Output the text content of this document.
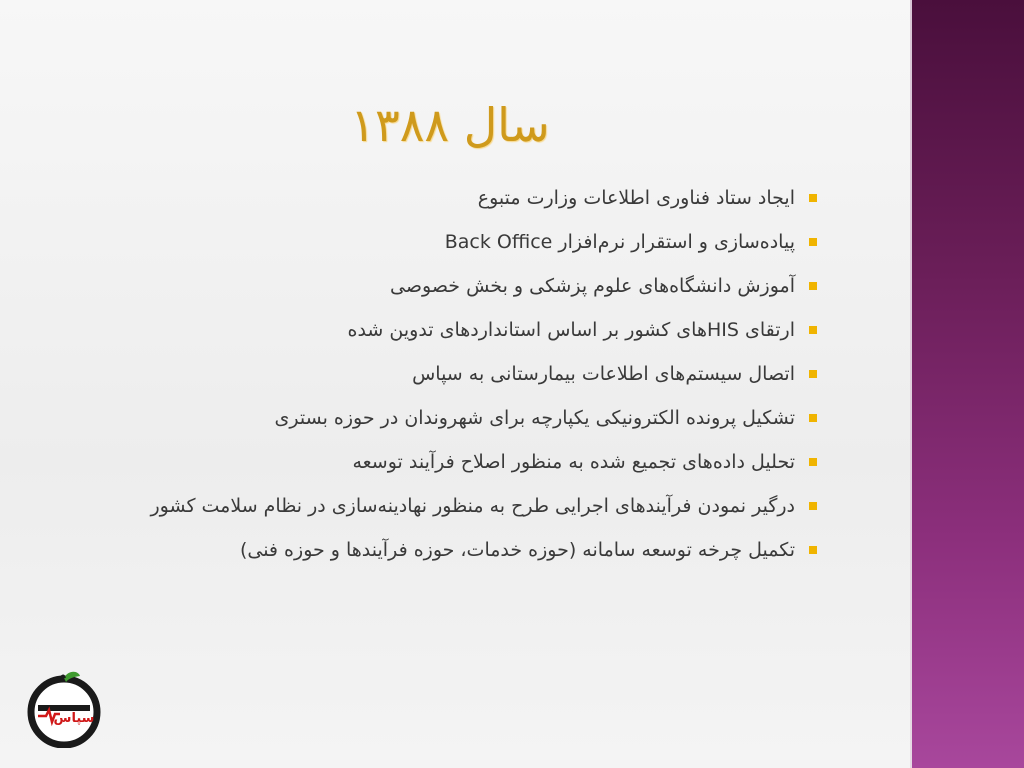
سال ۱۳۸۸
ایجاد ستاد فناوری اطلاعات وزارت متبوع
پیاده‌سازی و استقرار نرم‌افزار Back Office
آموزش دانشگاه‌های علوم پزشکی و بخش خصوصی
ارتقای HISهای کشور بر اساس استانداردهای تدوین شده
اتصال سیستم‌های اطلاعات بیمارستانی به سپاس
تشکیل پرونده الکترونیکی یکپارچه برای شهروندان در حوزه بستری
تحلیل داده‌های تجمیع شده به منظور اصلاح فرآیند توسعه
درگیر نمودن فرآیندهای اجرایی طرح به منظور نهادینه‌سازی در نظام سلامت کشور
تکمیل چرخه توسعه سامانه (حوزه خدمات، حوزه فرآیندها و حوزه فنی)
سپاس
